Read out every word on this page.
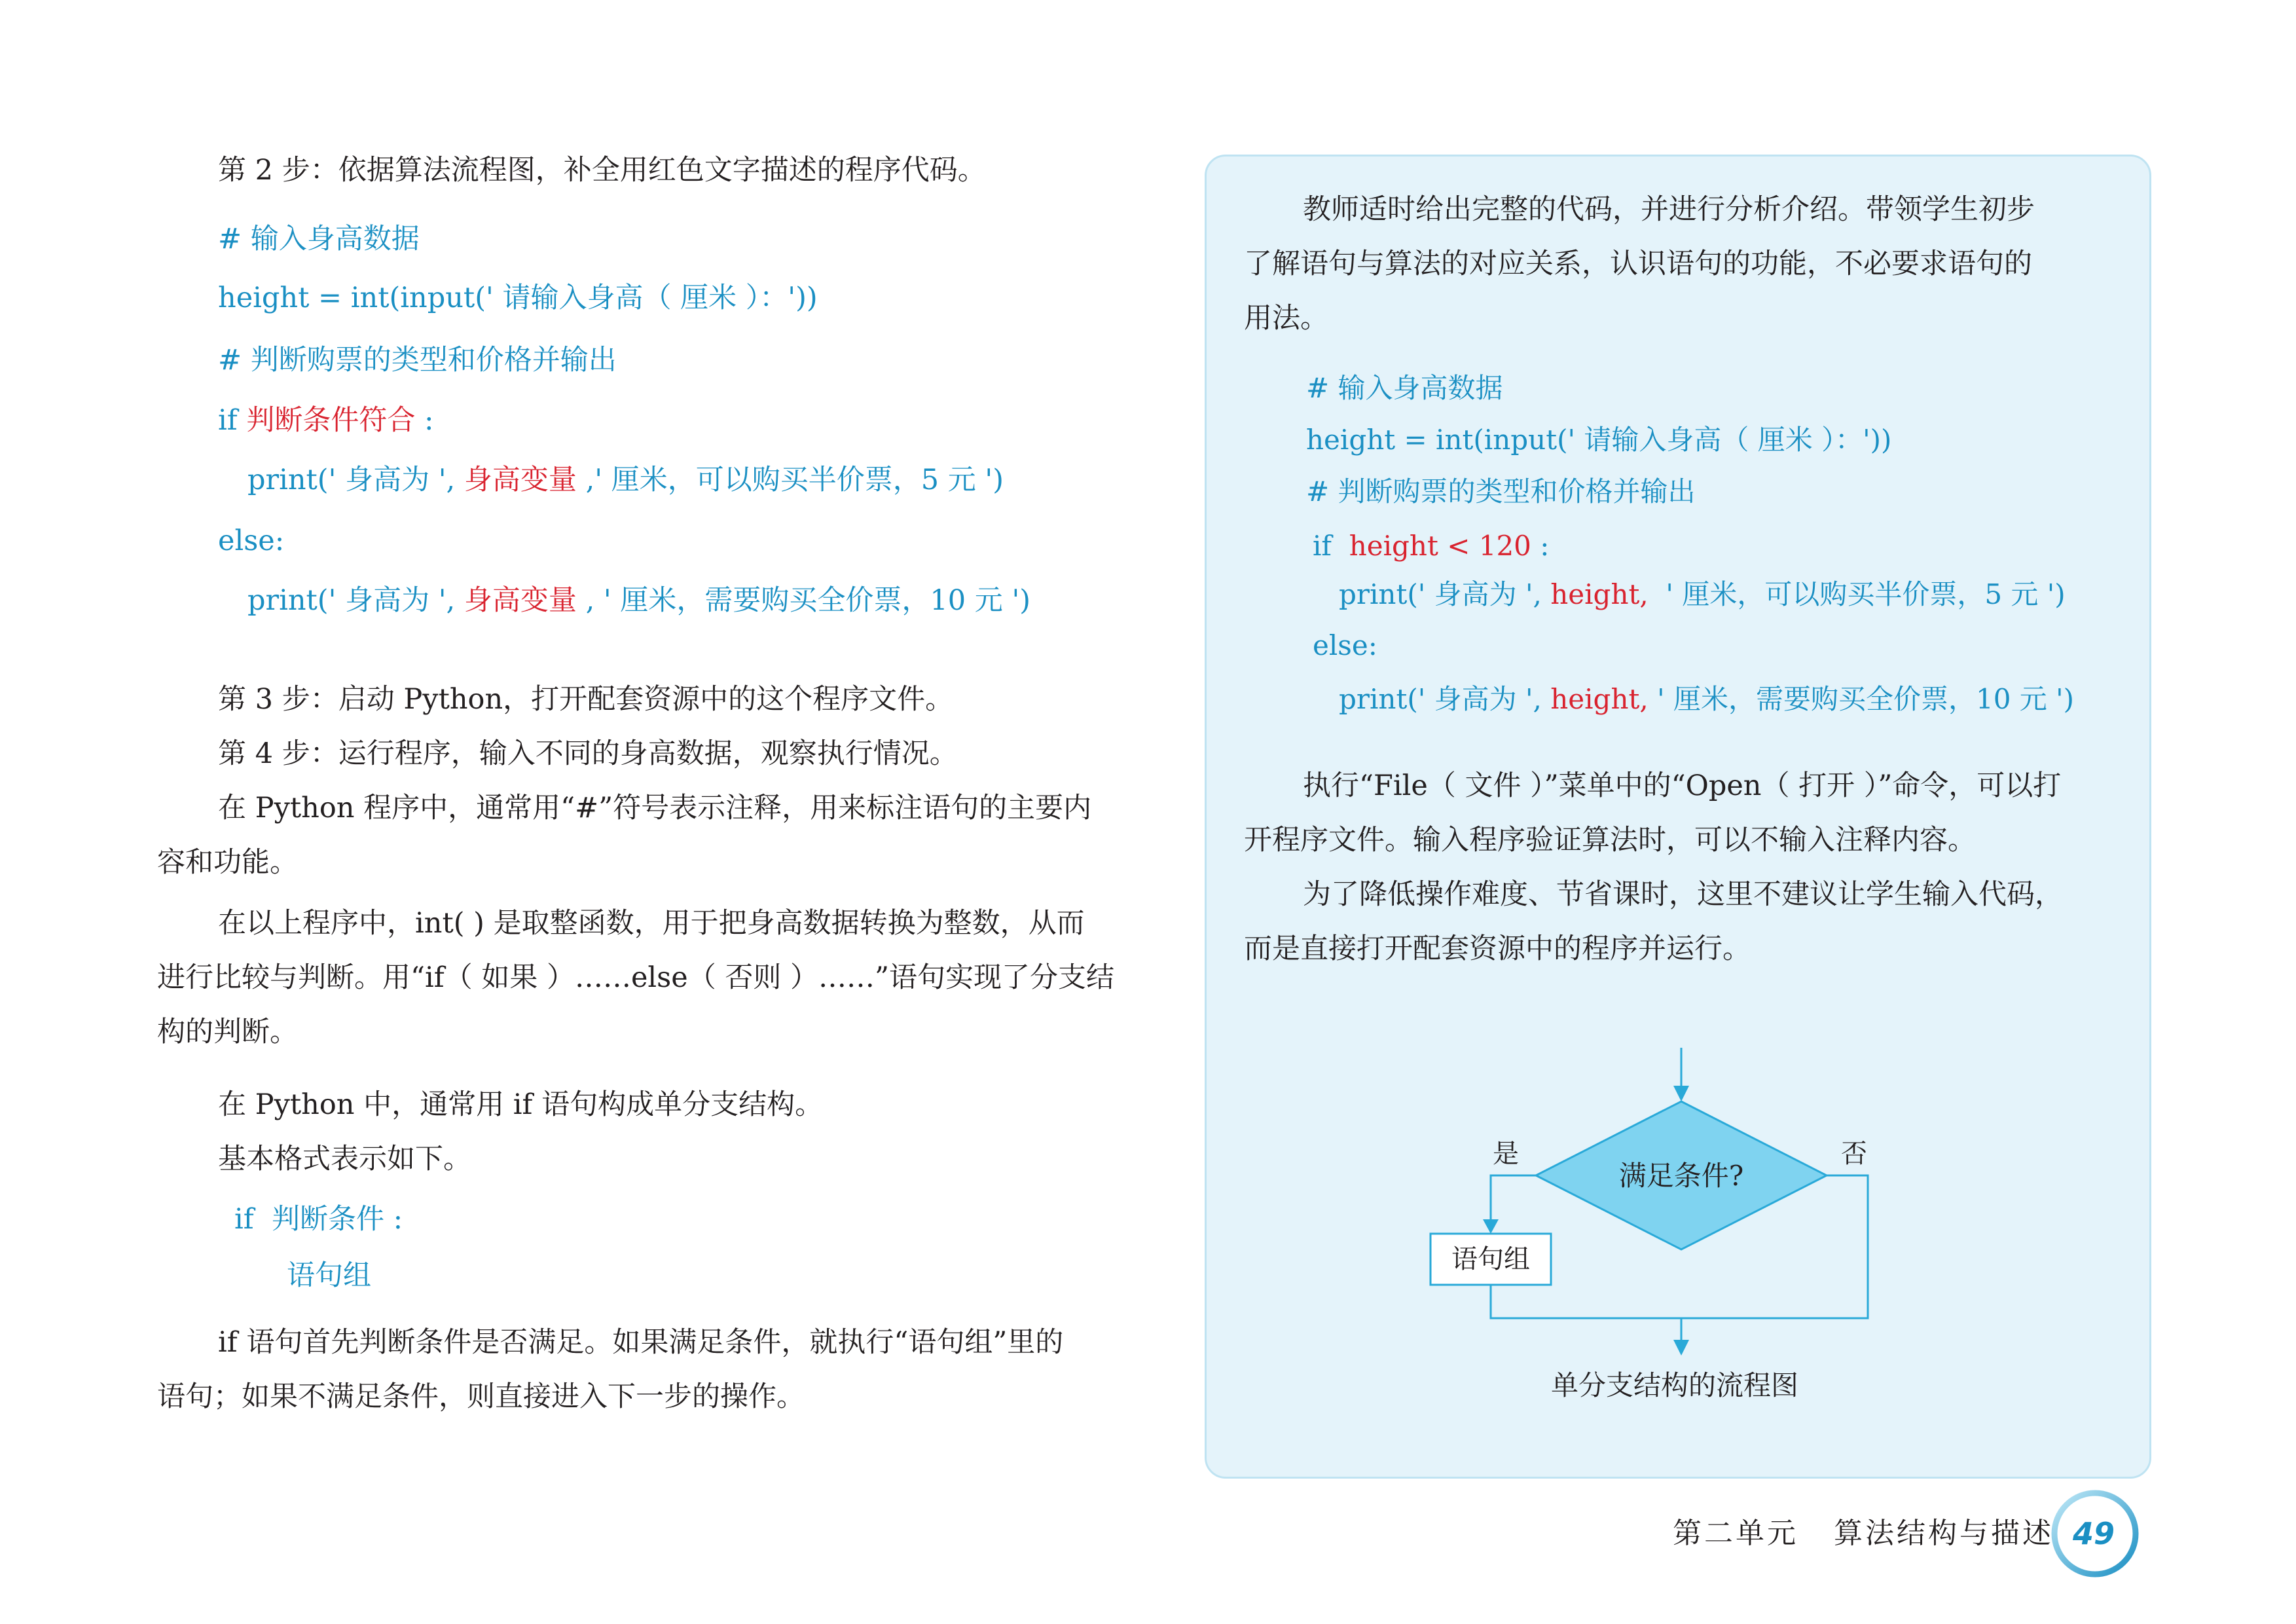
第 2 步：依据算法流程图，补全用红色文字描述的程序代码。
# 输入身高数据
height = int(input(' 请输入身高（ 厘米 ）：'))
# 判断购票的类型和价格并输出
if 判断条件符合 :
print(' 身高为 ', 身高变量 ,' 厘米，可以购买半价票，5 元 ')
else:
print(' 身高为 ', 身高变量 , ' 厘米，需要购买全价票，10 元 ')
第 3 步：启动 Python，打开配套资源中的这个程序文件。
第 4 步：运行程序，输入不同的身高数据，观察执行情况。
在 Python 程序中，通常用“#”符号表示注释，用来标注语句的主要内
容和功能。
在以上程序中，int( ) 是取整函数，用于把身高数据转换为整数，从而
进行比较与判断。用“if（ 如果 ）……else（ 否则 ）……”语句实现了分支结
构的判断。
在 Python 中，通常用 if 语句构成单分支结构。
基本格式表示如下。
if  判断条件 :
语句组
if 语句首先判断条件是否满足。如果满足条件，就执行“语句组”里的
语句；如果不满足条件，则直接进入下一步的操作。
教师适时给出完整的代码，并进行分析介绍。带领学生初步
了解语句与算法的对应关系，认识语句的功能，不必要求语句的
用法。
# 输入身高数据
height = int(input(' 请输入身高（ 厘米 ）：'))
# 判断购票的类型和价格并输出
if  height < 120 :
print(' 身高为 ', height,  ' 厘米，可以购买半价票，5 元 ')
else:
print(' 身高为 ', height, ' 厘米，需要购买全价票，10 元 ')
执行“File（ 文件 ）”菜单中的“Open（ 打开 ）”命令，可以打
开程序文件。输入程序验证算法时，可以不输入注释内容。
为了降低操作难度、节省课时，这里不建议让学生输入代码，
而是直接打开配套资源中的程序并运行。
满足条件?
是	否
语句组
单分支结构的流程图
第二单元   算法结构与描述 49
